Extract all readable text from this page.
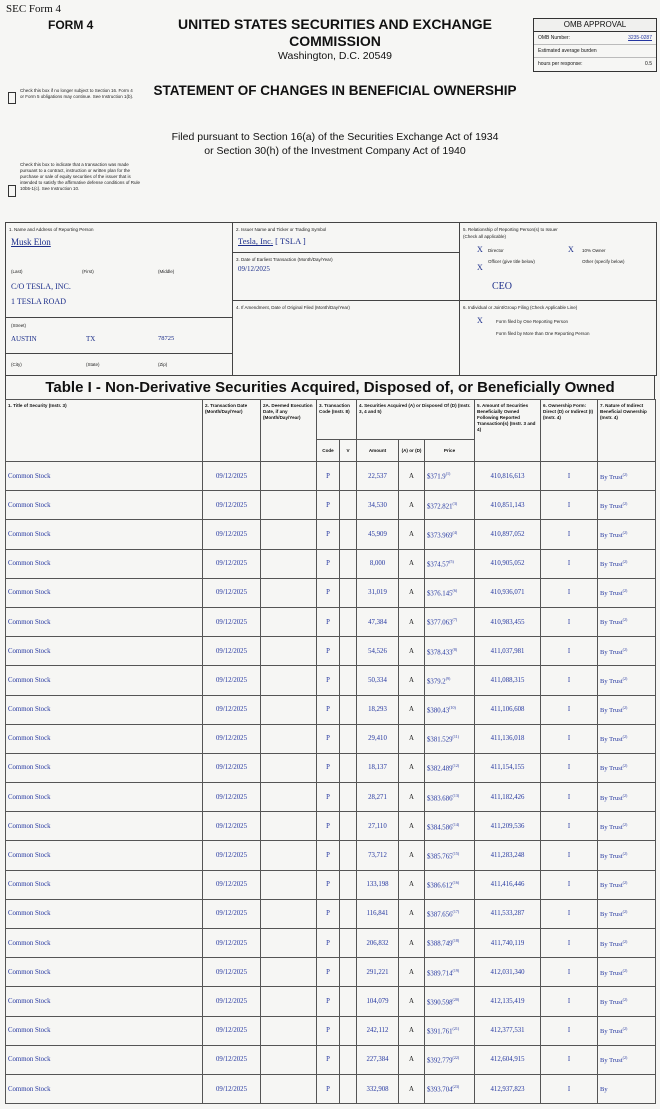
SEC Form 4
FORM 4	UNITED STATES SECURITIES AND EXCHANGE COMMISSION
Washington, D.C. 20549
OMB APPROVAL
OMB Number:	3235-0287
Estimated average burden
hours per response:	0.5
Check this box if no longer subject to Section 16. Form 4 or Form 5 obligations may continue. See Instruction 1(b).	STATEMENT OF CHANGES IN BENEFICIAL OWNERSHIP
Filed pursuant to Section 16(a) of the Securities Exchange Act of 1934
or Section 30(h) of the Investment Company Act of 1940
Check this box to indicate that a transaction was made pursuant to a contract, instruction or written plan for the purchase or sale of equity securities of the issuer that is intended to satisfy the affirmative defense conditions of Rule 10b5-1(c). See Instruction 10.
1. Name and Address of Reporting Person
Musk Elon
(Last)	(First)	(Middle)
C/O TESLA, INC.
1 TESLA ROAD
(Street)
AUSTIN	TX	78725
(City)	(State)	(Zip)
2. Issuer Name and Ticker or Trading Symbol
Tesla, Inc. [ TSLA ]
3. Date of Earliest Transaction (Month/Day/Year)
09/12/2025
4. If Amendment, Date of Original Filed (Month/Day/Year)
5. Relationship of Reporting Person(s) to Issuer
(Check all applicable)
X Director	X 10% Owner
X
Officer (give title below)	Other (specify below)
CEO
6. Individual or Joint/Group Filing (Check Applicable Line)
X	Form filed by One Reporting Person
Form filed by More than One Reporting Person
Table I - Non-Derivative Securities Acquired, Disposed of, or Beneficially Owned
1. Title of Security (Instr. 3)	2. Transaction Date (Month/Day/Year)	2A. Deemed Execution Date, if any (Month/Day/Year)	3. Transaction Code (Instr. 8)		4. Securities Acquired (A) or Disposed Of (D) (Instr. 3, 4 and 5)			5. Amount of Securities Beneficially Owned Following Reported Transaction(s) (Instr. 3 and 4)	6. Ownership Form: Direct (D) or Indirect (I) (Instr. 4)	7. Nature of Indirect Beneficial Ownership (Instr. 4)
			Code	V	Amount	(A) or (D)	Price			
Common Stock	09/12/2025		P		22,537	A	$371.9$^{(1)}$	410,816,613	I	By Trust$^{(2)}$
Common Stock	09/12/2025		P		34,530	A	$372.821$^{(3)}$	410,851,143	I	By Trust$^{(2)}$
Common Stock	09/12/2025		P		45,909	A	$373.969$^{(4)}$	410,897,052	I	By Trust$^{(2)}$
Common Stock	09/12/2025		P		8,000	A	$374.57$^{(5)}$	410,905,052	I	By Trust$^{(2)}$
Common Stock	09/12/2025		P		31,019	A	$376.145$^{(6)}$	410,936,071	I	By Trust$^{(2)}$
Common Stock	09/12/2025		P		47,384	A	$377.063$^{(7)}$	410,983,455	I	By Trust$^{(2)}$
Common Stock	09/12/2025		P		54,526	A	$378.433$^{(8)}$	411,037,981	I	By Trust$^{(2)}$
Common Stock	09/12/2025		P		50,334	A	$379.2$^{(9)}$	411,088,315	I	By Trust$^{(2)}$
Common Stock	09/12/2025		P		18,293	A	$380.43$^{(10)}$	411,106,608	I	By Trust$^{(2)}$
Common Stock	09/12/2025		P		29,410	A	$381.529$^{(11)}$	411,136,018	I	By Trust$^{(2)}$
Common Stock	09/12/2025		P		18,137	A	$382.489$^{(12)}$	411,154,155	I	By Trust$^{(2)}$
Common Stock	09/12/2025		P		28,271	A	$383.686$^{(13)}$	411,182,426	I	By Trust$^{(2)}$
Common Stock	09/12/2025		P		27,110	A	$384.586$^{(14)}$	411,209,536	I	By Trust$^{(2)}$
Common Stock	09/12/2025		P		73,712	A	$385.765$^{(15)}$	411,283,248	I	By Trust$^{(2)}$
Common Stock	09/12/2025		P		133,198	A	$386.612$^{(16)}$	411,416,446	I	By Trust$^{(2)}$
Common Stock	09/12/2025		P		116,841	A	$387.656$^{(17)}$	411,533,287	I	By Trust$^{(2)}$
Common Stock	09/12/2025		P		206,832	A	$388.749$^{(18)}$	411,740,119	I	By Trust$^{(2)}$
Common Stock	09/12/2025		P		291,221	A	$389.714$^{(19)}$	412,031,340	I	By Trust$^{(2)}$
Common Stock	09/12/2025		P		104,079	A	$390.598$^{(20)}$	412,135,419	I	By Trust$^{(2)}$
Common Stock	09/12/2025		P		242,112	A	$391.761$^{(21)}$	412,377,531	I	By Trust$^{(2)}$
Common Stock	09/12/2025		P		227,384	A	$392.779$^{(22)}$	412,604,915	I	By Trust$^{(2)}$
Common Stock	09/12/2025		P		332,908	A	$393.704$^{(23)}$	412,937,823	I	By
